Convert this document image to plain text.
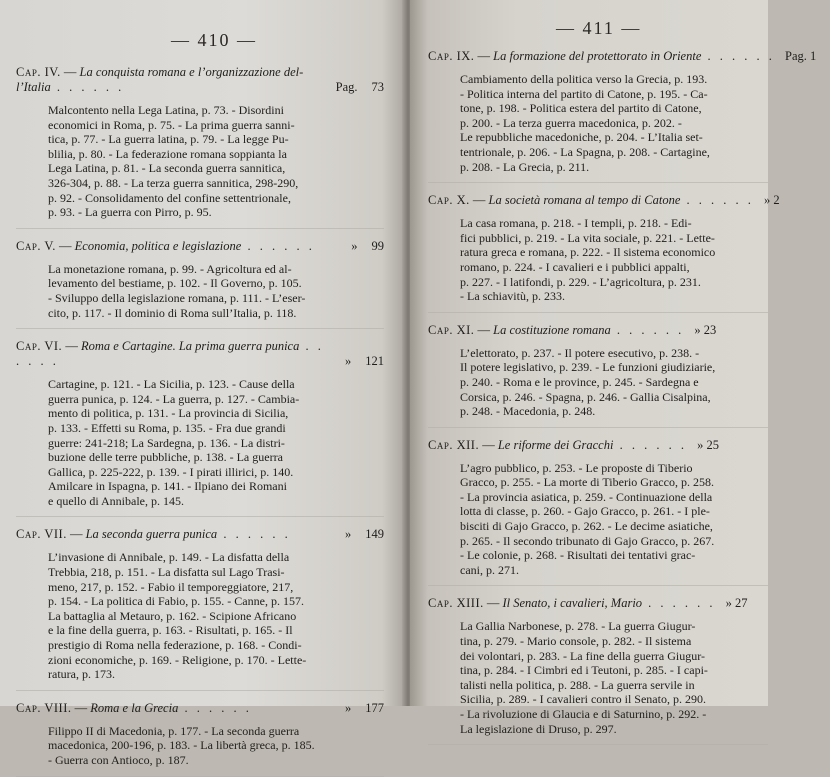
— 410 —
Cap. IV. — La conquista romana e l’organizzazione del-
l’Italia . . . . . .	Pag. 73
Malcontento nella Lega Latina, p. 73. - Disordini
economici in Roma, p. 75. - La prima guerra sanni-
tica, p. 77. - La guerra latina, p. 79. - La legge Pu-
blilia, p. 80. - La federazione romana soppianta la
Lega Latina, p. 81. - La seconda guerra sannitica,
326-304, p. 88. - La terza guerra sannitica, 298-290,
p. 92. - Consolidamento del confine settentrionale,
p. 93. - La guerra con Pirro, p. 95.
Cap. V. — Economia, politica e legislazione . . . . . .	» 99
La monetazione romana, p. 99. - Agricoltura ed al-
levamento del bestiame, p. 102. - Il Governo, p. 105.
- Sviluppo della legislazione romana, p. 111. - L’eser-
cito, p. 117. - Il dominio di Roma sull’Italia, p. 118.
Cap. VI. — Roma e Cartagine. La prima guerra punica . . . . . .	» 121
Cartagine, p. 121. - La Sicilia, p. 123. - Cause della
guerra punica, p. 124. - La guerra, p. 127. - Cambia-
mento di politica, p. 131. - La provincia di Sicilia,
p. 133. - Effetti su Roma, p. 135. - Fra due grandi
guerre: 241-218; La Sardegna, p. 136. - La distri-
buzione delle terre pubbliche, p. 138. - La guerra
Gallica, p. 225-222, p. 139. - I pirati illirici, p. 140.
Amilcare in Ispagna, p. 141. - Ilpiano dei Romani
e quello di Annibale, p. 145.
Cap. VII. — La seconda guerra punica . . . . . .	» 149
L’invasione di Annibale, p. 149. - La disfatta della
Trebbia, 218, p. 151. - La disfatta sul Lago Trasi-
meno, 217, p. 152. - Fabio il temporeggiatore, 217,
p. 154. - La politica di Fabio, p. 155. - Canne, p. 157.
La battaglia al Metauro, p. 162. - Scipione Africano
e la fine della guerra, p. 163. - Risultati, p. 165. - Il
prestigio di Roma nella federazione, p. 168. - Condi-
zioni economiche, p. 169. - Religione, p. 170. - Lette-
ratura, p. 173.
Cap. VIII. — Roma e la Grecia . . . . . .	» 177
Filippo II di Macedonia, p. 177. - La seconda guerra
macedonica, 200-196, p. 183. - La libertà greca, p. 185.
- Guerra con Antioco, p. 187.
— 411 —
Cap. IX. — La formazione del protettorato in Oriente . . . . . . Pag. 1
Cambiamento della politica verso la Grecia, p. 193.
- Politica interna del partito di Catone, p. 195. - Ca-
tone, p. 198. - Politica estera del partito di Catone,
p. 200. - La terza guerra macedonica, p. 202. -
Le repubbliche macedoniche, p. 204. - L’Italia set-
tentrionale, p. 206. - La Spagna, p. 208. - Cartagine,
p. 208. - La Grecia, p. 211.
Cap. X. — La società romana al tempo di Catone . . . . . . » 2
La casa romana, p. 218. - I templi, p. 218. - Edi-
fici pubblici, p. 219. - La vita sociale, p. 221. - Lette-
ratura greca e romana, p. 222. - Il sistema economico
romano, p. 224. - I cavalieri e i pubblici appalti,
p. 227. - I latifondi, p. 229. - L’agricoltura, p. 231.
- La schiavitù, p. 233.
Cap. XI. — La costituzione romana . . . . . . » 23
L’elettorato, p. 237. - Il potere esecutivo, p. 238. -
Il potere legislativo, p. 239. - Le funzioni giudiziarie,
p. 240. - Roma e le province, p. 245. - Sardegna e
Corsica, p. 246. - Spagna, p. 246. - Gallia Cisalpina,
p. 248. - Macedonia, p. 248.
Cap. XII. — Le riforme dei Gracchi . . . . . . » 25
L’agro pubblico, p. 253. - Le proposte di Tiberio
Gracco, p. 255. - La morte di Tiberio Gracco, p. 258.
- La provincia asiatica, p. 259. - Continuazione della
lotta di classe, p. 260. - Gajo Gracco, p. 261. - I ple-
bisciti di Gajo Gracco, p. 262. - Le decime asiatiche,
p. 265. - Il secondo tribunato di Gajo Gracco, p. 267.
- Le colonie, p. 268. - Risultati dei tentativi grac-
cani, p. 271.
Cap. XIII. — Il Senato, i cavalieri, Mario . . . . . . » 27
La Gallia Narbonese, p. 278. - La guerra Giugur-
tina, p. 279. - Mario console, p. 282. - Il sistema
dei volontari, p. 283. - La fine della guerra Giugur-
tina, p. 284. - I Cimbri ed i Teutoni, p. 285. - I capi-
talisti nella politica, p. 288. - La guerra servile in
Sicilia, p. 289. - I cavalieri contro il Senato, p. 290.
- La rivoluzione di Glaucia e di Saturnino, p. 292. -
La legislazione di Druso, p. 297.
